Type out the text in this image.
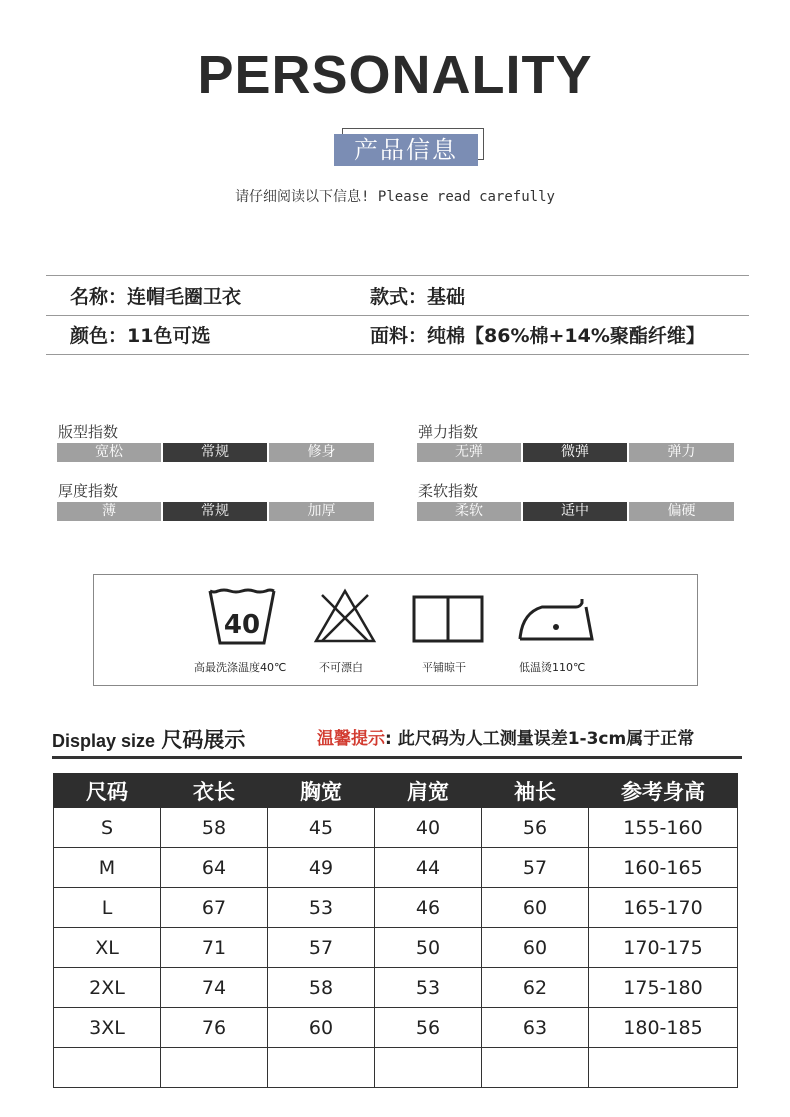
PERSONALITY
产品信息
请仔细阅读以下信息! Please read carefully
名称：连帽毛圈卫衣	款式：基础
颜色：11色可选	面料：纯棉【86%棉+14%聚酯纤维】
版型指数
宽松	常规	修身
弹力指数
无弹	微弹	弹力
厚度指数
薄	常规	加厚
柔软指数
柔软	适中	偏硬
40
高最洗涤温度40℃	不可漂白	平铺晾干	低温烫110℃
Display size 尺码展示	温馨提示: 此尺码为人工测量误差1-3cm属于正常
尺码	衣长	胸宽	肩宽	袖长	参考身高
S	58	45	40	56	155-160
M	64	49	44	57	160-165
L	67	53	46	60	165-170
XL	71	57	50	60	170-175
2XL	74	58	53	62	175-180
3XL	76	60	56	63	180-185
